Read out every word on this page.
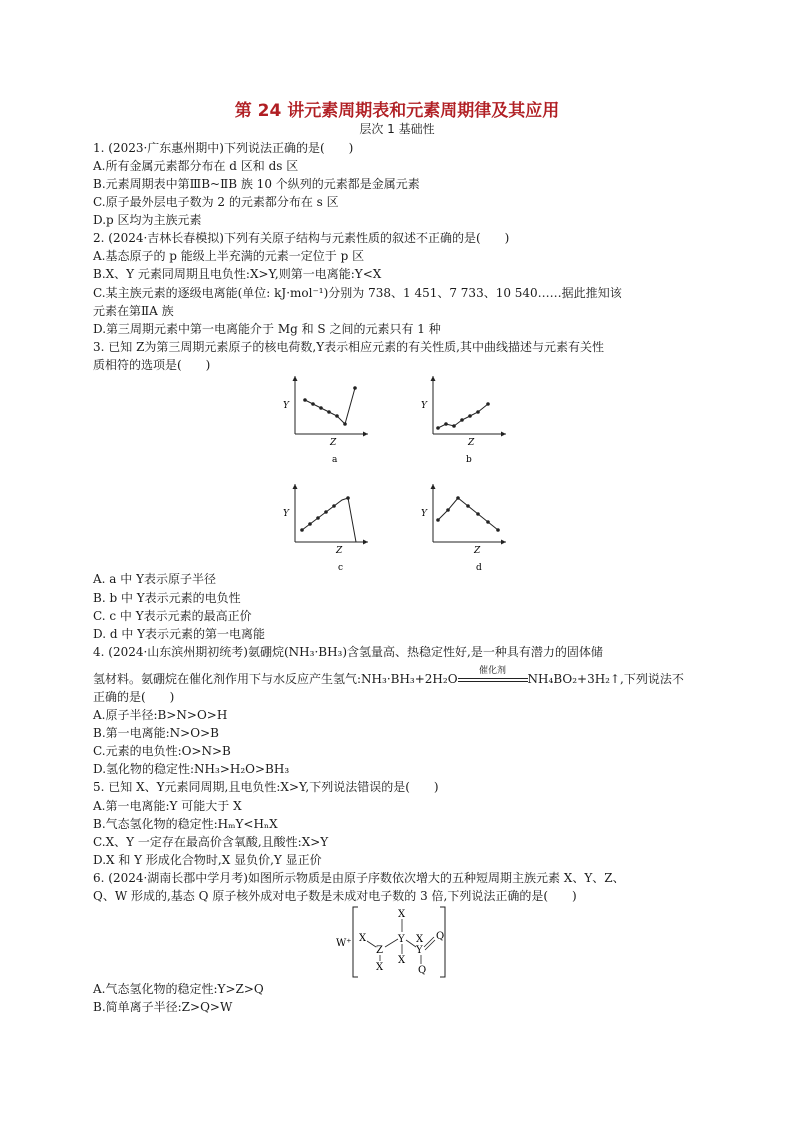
第 24 讲元素周期表和元素周期律及其应用
层次 1 基础性
1. (2023·广东惠州期中)下列说法正确的是(　　)
A.所有金属元素都分布在 d 区和 ds 区
B.元素周期表中第ⅢB~ⅡB 族 10 个纵列的元素都是金属元素
C.原子最外层电子数为 2 的元素都分布在 s 区
D.p 区均为主族元素
2. (2024·吉林长春模拟)下列有关原子结构与元素性质的叙述不正确的是(　　)
A.基态原子的 p 能级上半充满的元素一定位于 p 区
B.X、Y 元素同周期且电负性:X>Y,则第一电离能:Y<X
C.某主族元素的逐级电离能(单位: kJ·mol⁻¹)分别为 738、1 451、7 733、10 540……据此推知该
元素在第ⅡA 族
D.第三周期元素中第一电离能介于 Mg 和 S 之间的元素只有 1 种
3. 已知 Z为第三周期元素原子的核电荷数,Y表示相应元素的有关性质,其中曲线描述与元素有关性
质相符的选项是(　　)
Y
Z
a
Y
Z
b
Y
Z
c
Y
Z
d
A. a 中 Y表示原子半径
B. b 中 Y表示元素的电负性
C. c 中 Y表示元素的最高正价
D. d 中 Y表示元素的第一电离能
4. (2024·山东滨州期初统考)氨硼烷(NH₃·BH₃)含氢量高、热稳定性好,是一种具有潜力的固体储
氢材料。氨硼烷在催化剂作用下与水反应产生氢气:NH₃·BH₃+2H₂O
催化剂
NH₄BO₂+3H₂↑,下列说法不
正确的是(　　)
A.原子半径:B>N>O>H
B.第一电离能:N>O>B
C.元素的电负性:O>N>B
D.氢化物的稳定性:NH₃>H₂O>BH₃
5. 已知 X、Y元素同周期,且电负性:X>Y,下列说法错误的是(　　)
A.第一电离能:Y 可能大于 X
B.气态氢化物的稳定性:HₘY<HₙX
C.X、Y 一定存在最高价含氧酸,且酸性:X>Y
D.X 和 Y 形成化合物时,X 显负价,Y 显正价
6. (2024·湖南长郡中学月考)如图所示物质是由原子序数依次增大的五种短周期主族元素 X、Y、Z、
Q、W 形成的,基态 Q 原子核外成对电子数是未成对电子数的 3 倍,下列说法正确的是(　　)
W⁺ X
X
Z
X
X
Y X
Y
Q
Q
A.气态氢化物的稳定性:Y>Z>Q
B.简单离子半径:Z>Q>W
